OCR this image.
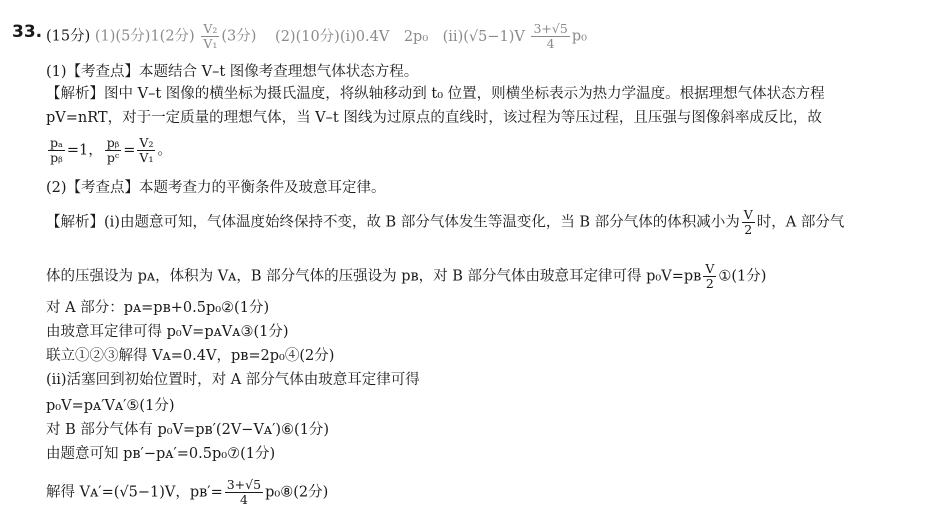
33. (15分) (1)(5分)1(2分) $\frac{\text{V₂}}{\text{V₁}} (3$分) (2)(10分)(ⅰ)0.4V　2p₀　(ⅱ)(√5−1)V $\frac{3+√5}{4} p_0$
(1)【考查点】本题结合 V–t 图像考查理想气体状态方程。
【解析】图中 V–t 图像的横坐标为摄氏温度，将纵轴移动到 t₀ 位置，则横坐标表示为热力学温度。根据理想气体状态方程
pV=nRT，对于一定质量的理想气体，当 V–t 图线为过原点的直线时，该过程为等压过程，且压强与图像斜率成反比，故
$\frac{\text{pₐ}}{\text{pᵦ}} =1$， $\frac{\text{pᵦ}}{\text{pᶜ}} = \frac{\text{V₂}}{\text{V₁}}$ 。
(2)【考查点】本题考查力的平衡条件及玻意耳定律。
【解析】(ⅰ)由题意可知，气体温度始终保持不变，故 B 部分气体发生等温变化，当 B 部分气体的体积减小为 $\frac{V}{2}$ 时，A 部分气
体的压强设为 pᴀ，体积为 Vᴀ，B 部分气体的压强设为 pʙ，对 B 部分气体由玻意耳定律可得 p₀V=pʙ $\frac{V}{2}$ ①(1分)
对 A 部分：pᴀ=pʙ+0.5p₀②(1分)
由玻意耳定律可得 p₀V=pᴀVᴀ③(1分)
联立①②③解得 Vᴀ=0.4V，pʙ=2p₀④(2分)
(ⅱ)活塞回到初始位置时，对 A 部分气体由玻意耳定律可得
p₀V=pᴀ′Vᴀ′⑤(1分)
对 B 部分气体有 p₀V=pʙ′(2V−Vᴀ′)⑥(1分)
由题意可知 pʙ′−pᴀ′=0.5p₀⑦(1分)
解得 Vᴀ′=(√5−1)V，pʙ′= $\frac{3+√5}{4}$ p₀⑧(2分)
